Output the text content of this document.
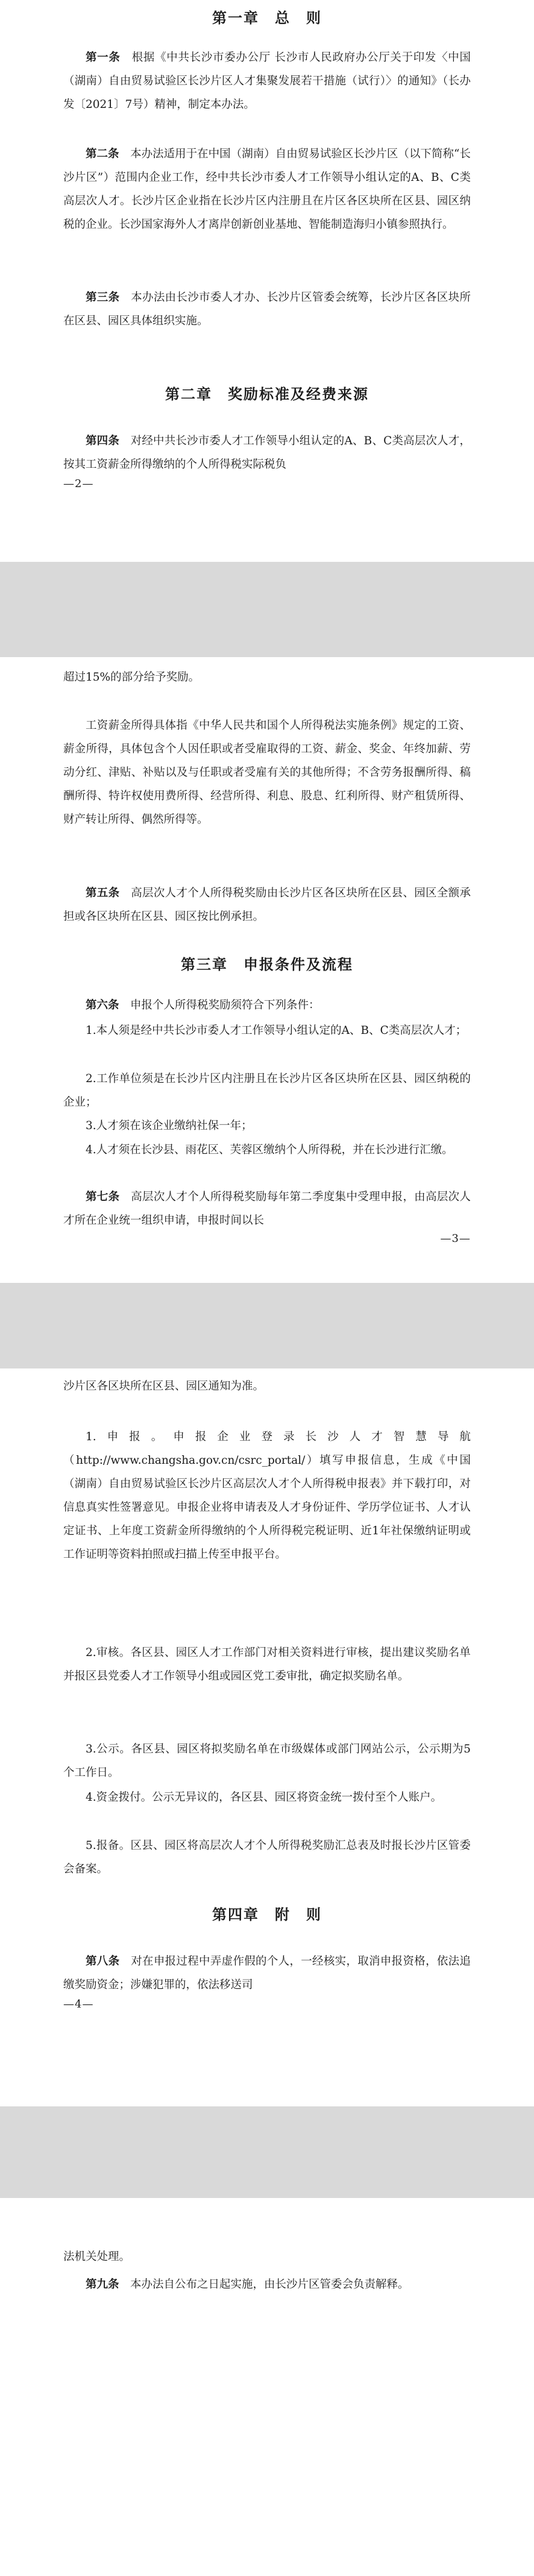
第一章　总　则
第一条　根据《中共长沙市委办公厅 长沙市人民政府办公厅关于印发〈中国（湖南）自由贸易试验区长沙片区人才集聚发展若干措施（试行）〉的通知》（长办发〔2021〕7号）精神，制定本办法。
第二条　本办法适用于在中国（湖南）自由贸易试验区长沙片区（以下简称“长沙片区”）范围内企业工作，经中共长沙市委人才工作领导小组认定的A、B、C类高层次人才。长沙片区企业指在长沙片区内注册且在片区各区块所在区县、园区纳税的企业。长沙国家海外人才离岸创新创业基地、智能制造海归小镇参照执行。
第三条　本办法由长沙市委人才办、长沙片区管委会统筹，长沙片区各区块所在区县、园区具体组织实施。
第二章　奖励标准及经费来源
第四条　对经中共长沙市委人才工作领导小组认定的A、B、C类高层次人才，按其工资薪金所得缴纳的个人所得税实际税负
—2—
超过15%的部分给予奖励。
工资薪金所得具体指《中华人民共和国个人所得税法实施条例》规定的工资、薪金所得，具体包含个人因任职或者受雇取得的工资、薪金、奖金、年终加薪、劳动分红、津贴、补贴以及与任职或者受雇有关的其他所得；不含劳务报酬所得、稿酬所得、特许权使用费所得、经营所得、利息、股息、红利所得、财产租赁所得、财产转让所得、偶然所得等。
第五条　高层次人才个人所得税奖励由长沙片区各区块所在区县、园区全额承担或各区块所在区县、园区按比例承担。
第三章　申报条件及流程
第六条　申报个人所得税奖励须符合下列条件：
1.本人须是经中共长沙市委人才工作领导小组认定的A、B、C类高层次人才；
2.工作单位须是在长沙片区内注册且在长沙片区各区块所在区县、园区纳税的企业；
3.人才须在该企业缴纳社保一年；
4.人才须在长沙县、雨花区、芙蓉区缴纳个人所得税，并在长沙进行汇缴。
第七条　高层次人才个人所得税奖励每年第二季度集中受理申报，由高层次人才所在企业统一组织申请，申报时间以长
—3—
沙片区各区块所在区县、园区通知为准。
1.申报。申报企业登录长沙人才智慧导航（http://www.changsha.gov.cn/csrc_portal/）填写申报信息，生成《中国（湖南）自由贸易试验区长沙片区高层次人才个人所得税申报表》并下载打印，对信息真实性签署意见。申报企业将申请表及人才身份证件、学历学位证书、人才认定证书、上年度工资薪金所得缴纳的个人所得税完税证明、近1年社保缴纳证明或工作证明等资料拍照或扫描上传至申报平台。
2.审核。各区县、园区人才工作部门对相关资料进行审核，提出建议奖励名单并报区县党委人才工作领导小组或园区党工委审批，确定拟奖励名单。
3.公示。各区县、园区将拟奖励名单在市级媒体或部门网站公示，公示期为5个工作日。
4.资金拨付。公示无异议的，各区县、园区将资金统一拨付至个人账户。
5.报备。区县、园区将高层次人才个人所得税奖励汇总表及时报长沙片区管委会备案。
第四章　附　则
第八条　对在申报过程中弄虚作假的个人，一经核实，取消申报资格，依法追缴奖励资金；涉嫌犯罪的，依法移送司
—4—
法机关处理。
第九条　本办法自公布之日起实施，由长沙片区管委会负责解释。
